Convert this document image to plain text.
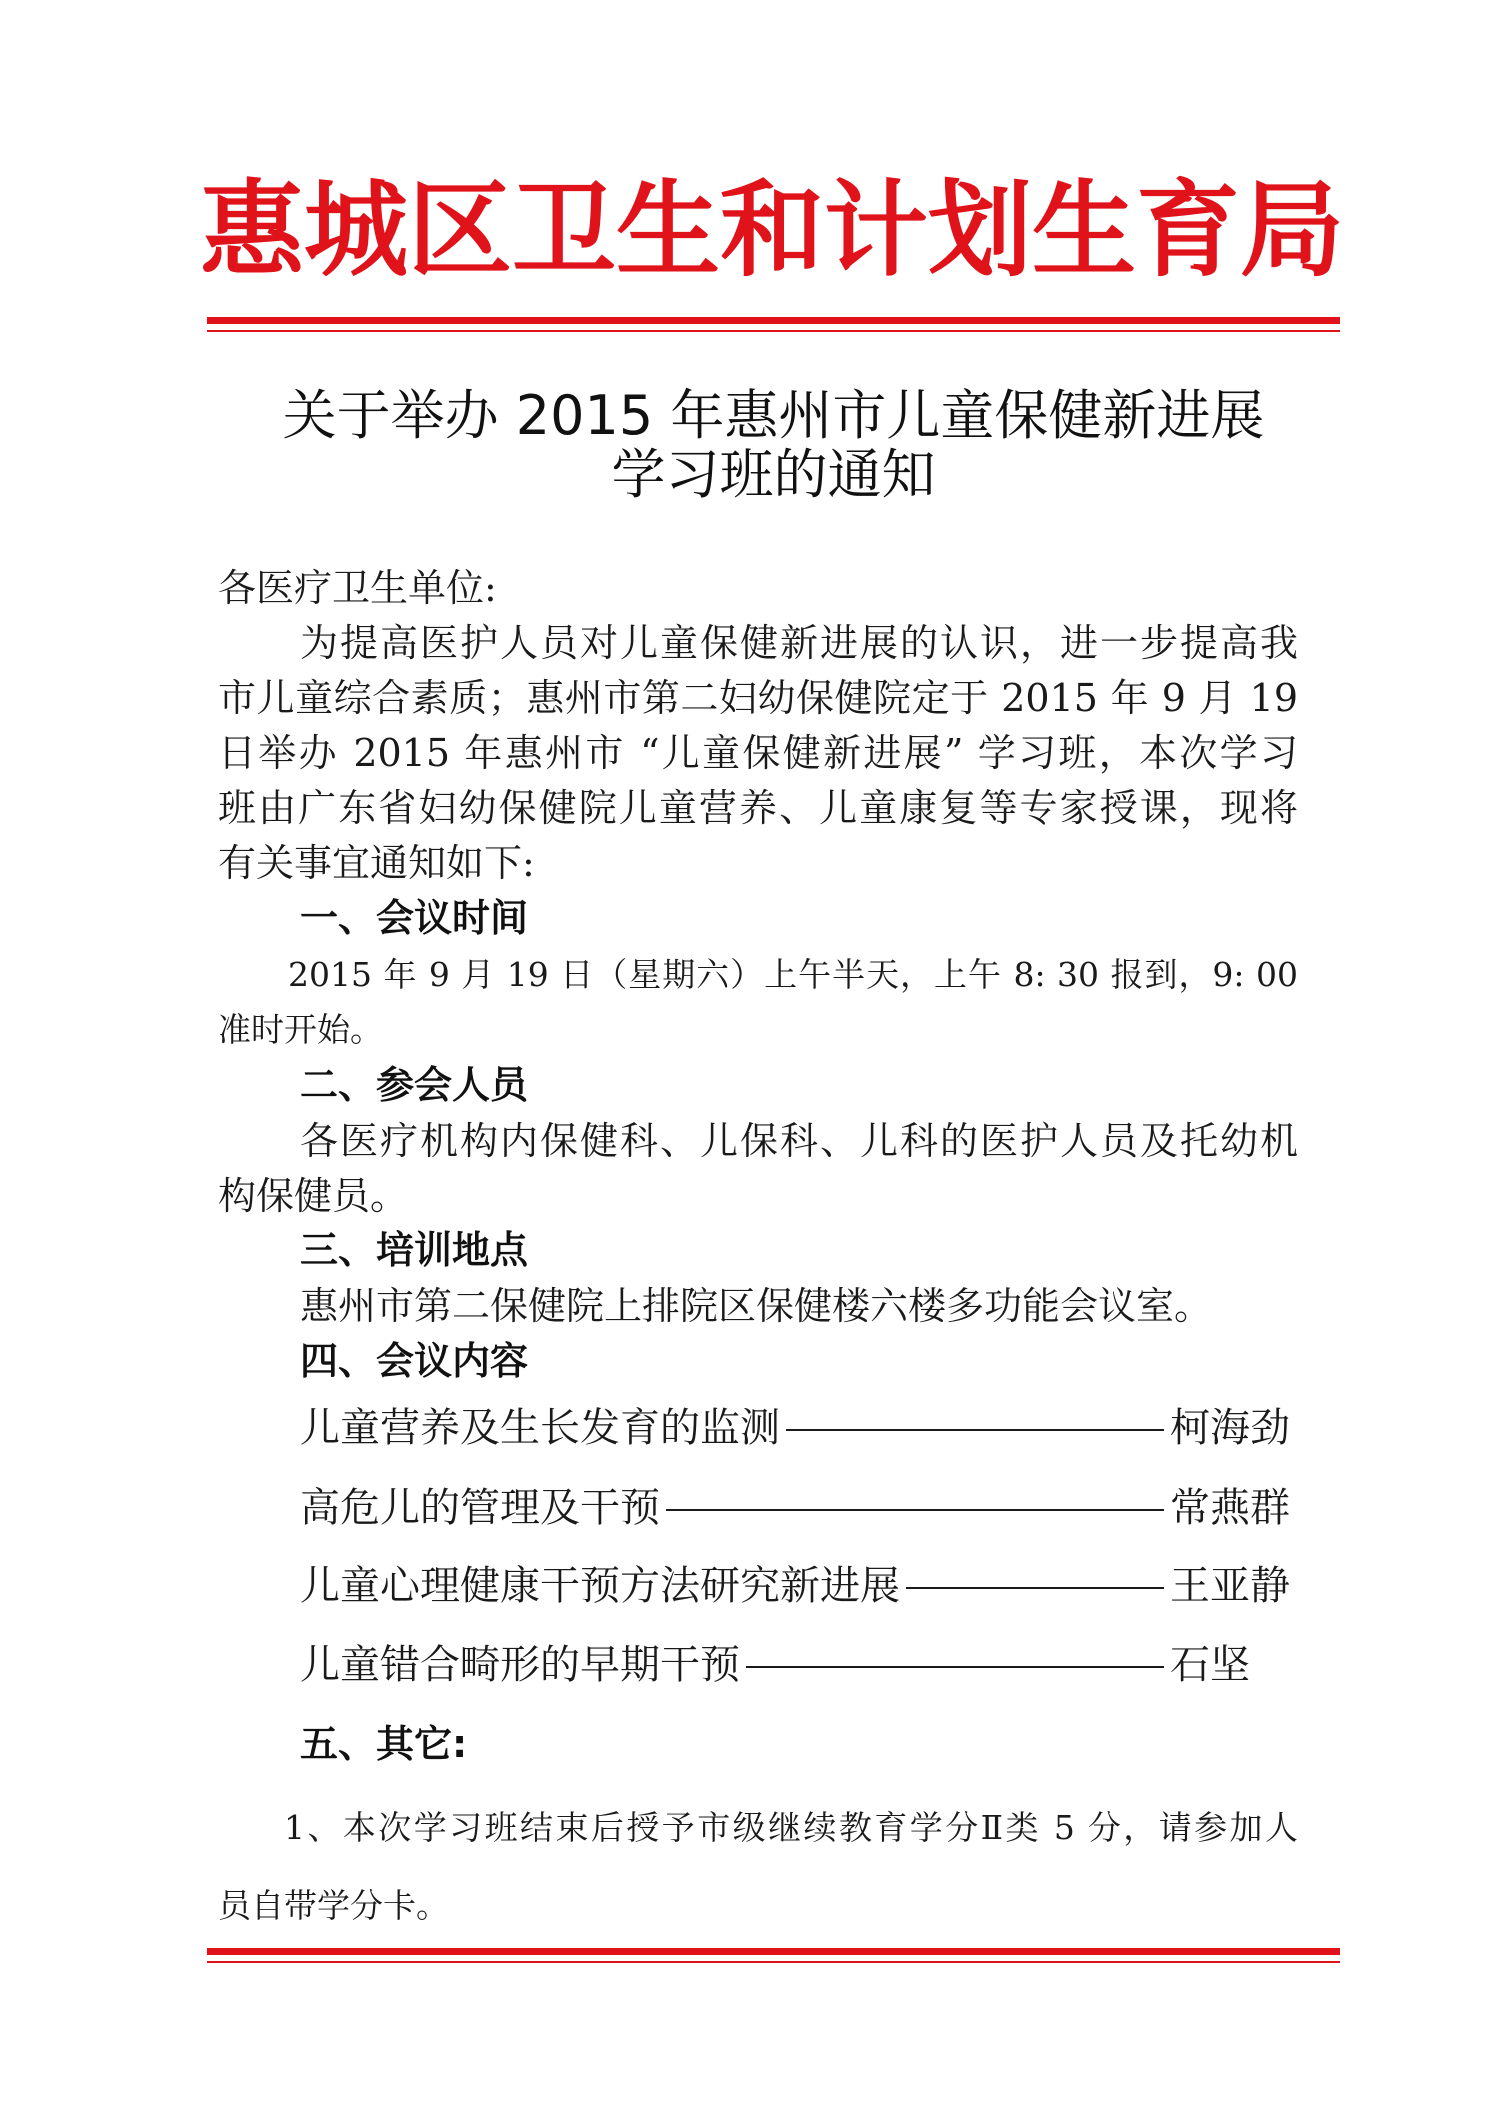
惠城区卫生和计划生育局
关于举办 2015 年惠州市儿童保健新进展
学习班的通知
各医疗卫生单位:
为提高医护人员对儿童保健新进展的认识，进一步提高我
市儿童综合素质；惠州市第二妇幼保健院定于 2015 年 9 月 19
日举办 2015 年惠州市 “儿童保健新进展” 学习班，本次学习
班由广东省妇幼保健院儿童营养、儿童康复等专家授课，现将
有关事宜通知如下:
一、会议时间
2015 年 9 月 19 日（星期六）上午半天，上午 8: 30 报到，9: 00
准时开始。
二、参会人员
各医疗机构内保健科、儿保科、儿科的医护人员及托幼机
构保健员。
三、培训地点
惠州市第二保健院上排院区保健楼六楼多功能会议室。
四、会议内容
儿童营养及生长发育的监测	柯海劲
高危儿的管理及干预	常燕群
儿童心理健康干预方法研究新进展	王亚静
儿童错合畸形的早期干预	石坚
五、其它:
1、本次学习班结束后授予市级继续教育学分Ⅱ类 5 分，请参加人
员自带学分卡。
